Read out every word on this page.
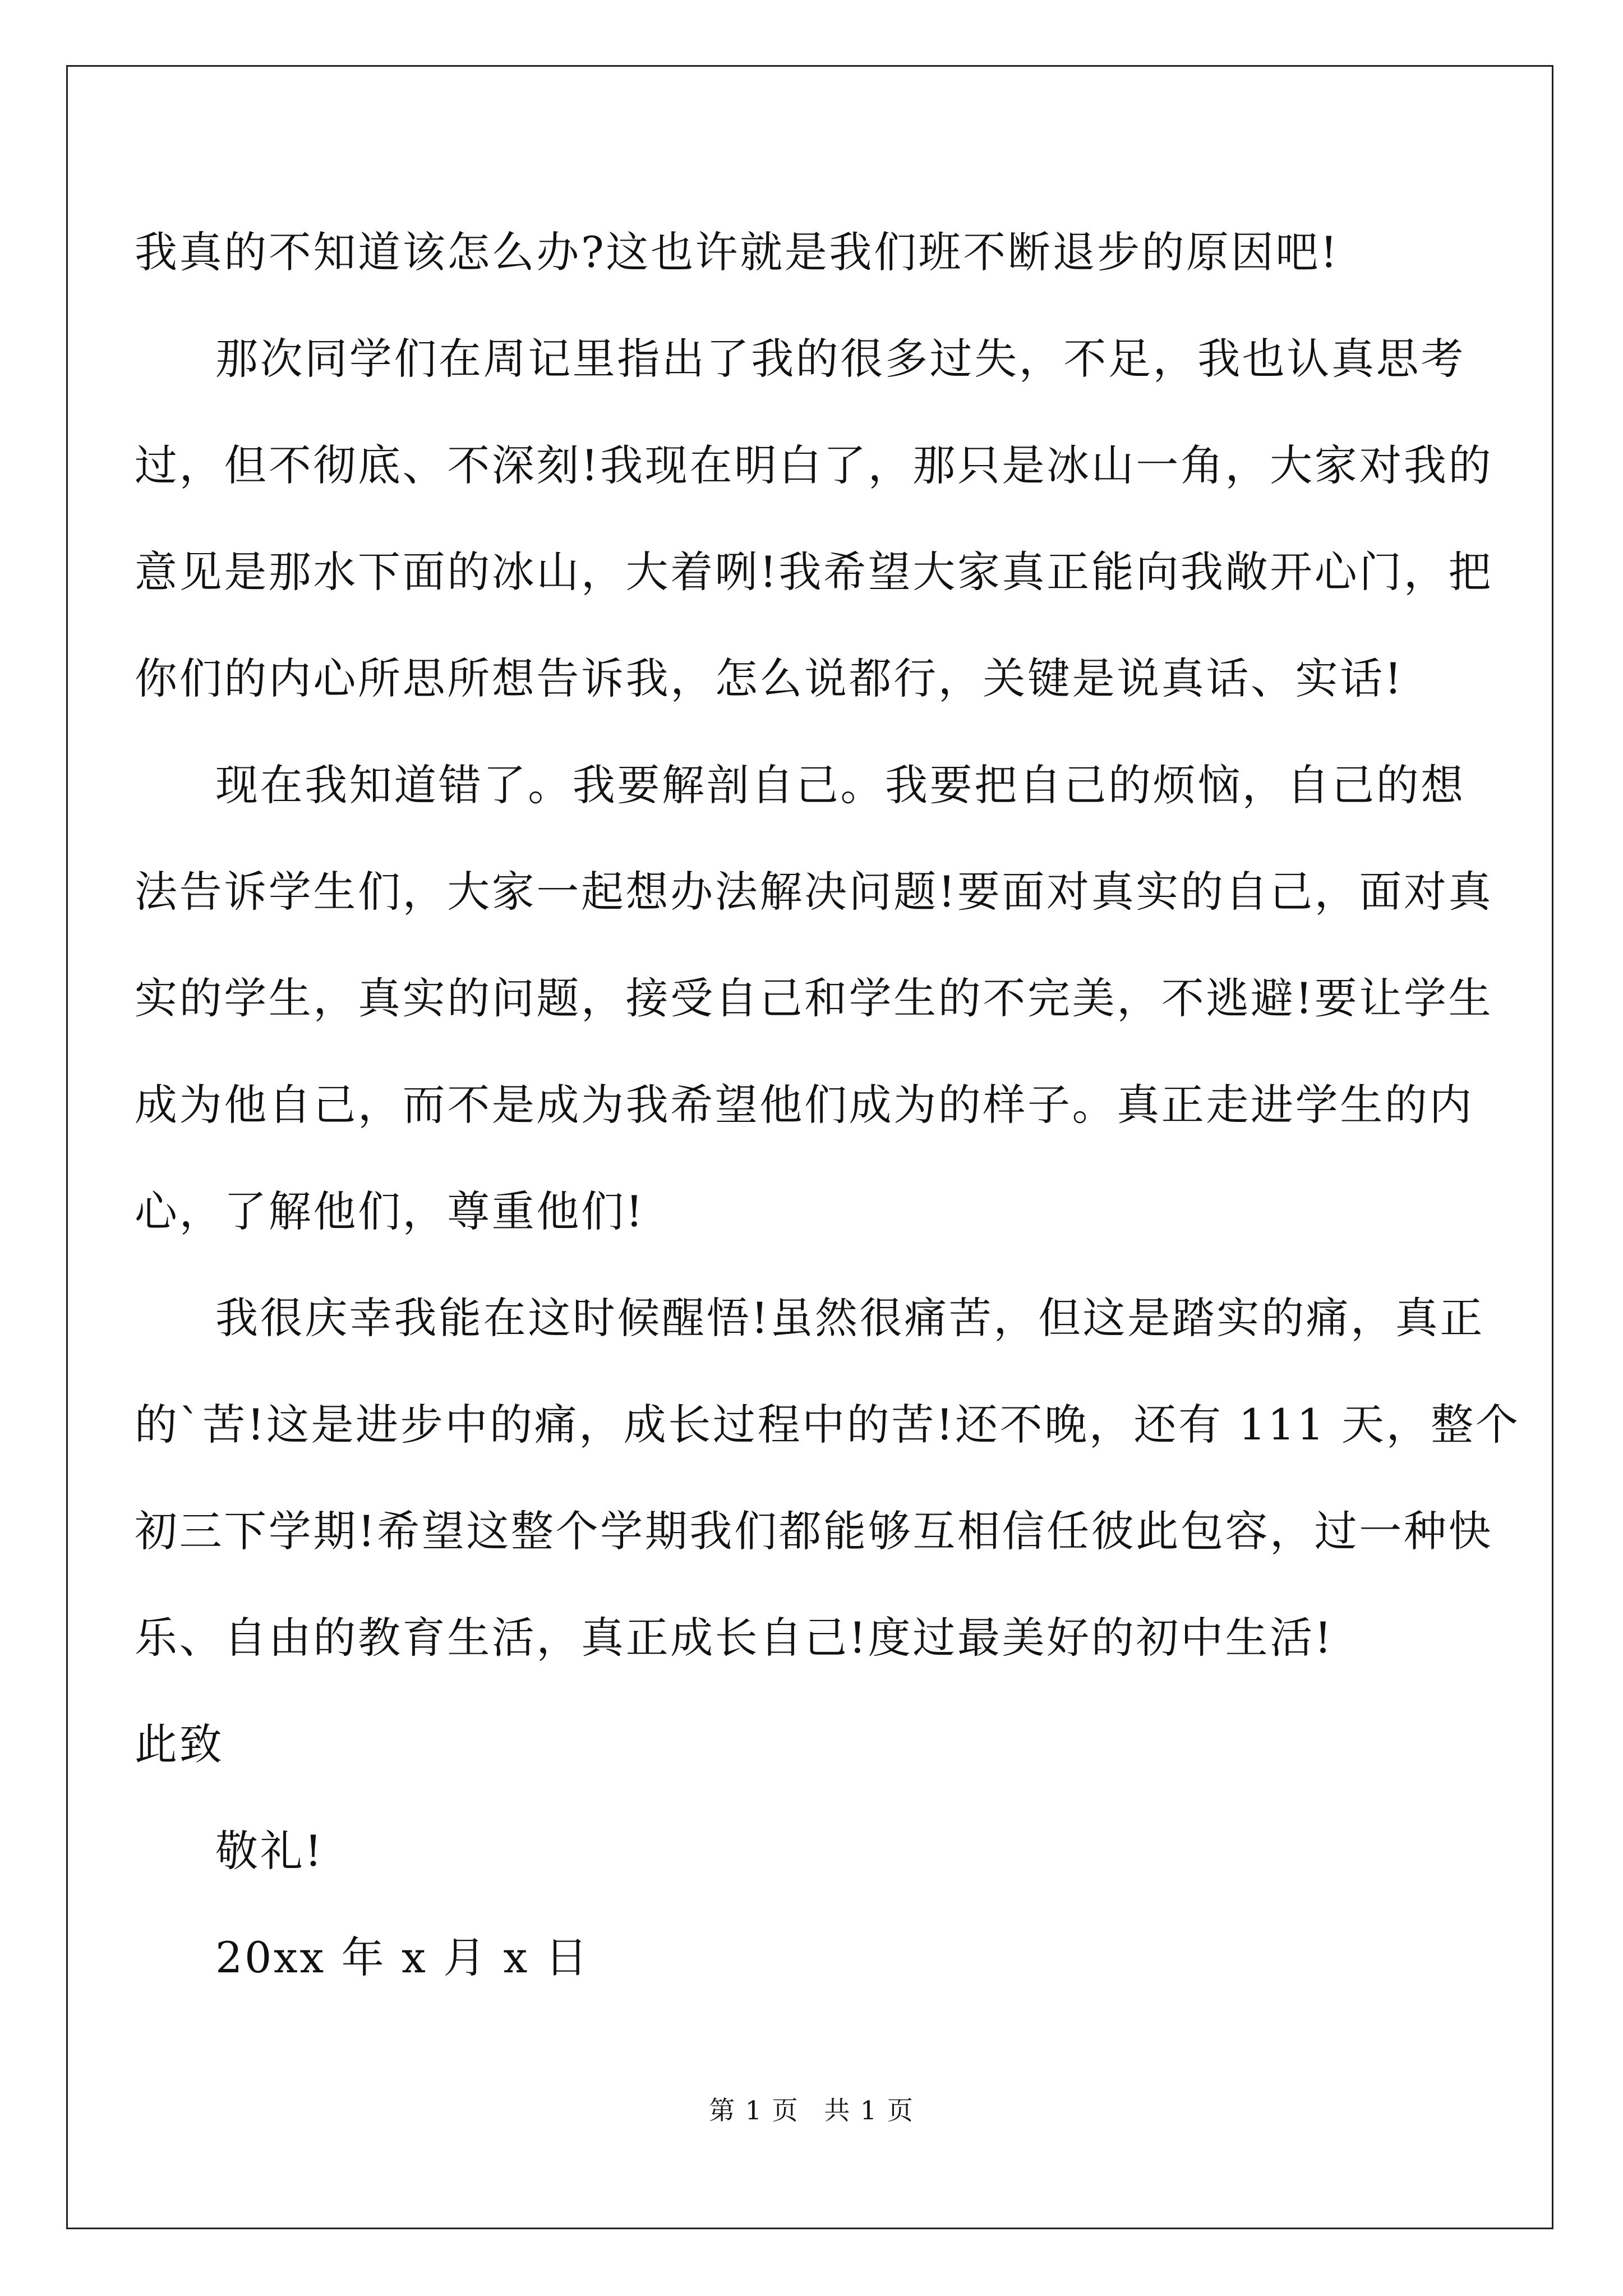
我真的不知道该怎么办?这也许就是我们班不断退步的原因吧!
那次同学们在周记里指出了我的很多过失，不足，我也认真思考
过，但不彻底、不深刻!我现在明白了，那只是冰山一角，大家对我的
意见是那水下面的冰山，大着咧!我希望大家真正能向我敞开心门，把
你们的内心所思所想告诉我，怎么说都行，关键是说真话、实话!
现在我知道错了。我要解剖自己。我要把自己的烦恼，自己的想
法告诉学生们，大家一起想办法解决问题!要面对真实的自己，面对真
实的学生，真实的问题，接受自己和学生的不完美，不逃避!要让学生
成为他自己，而不是成为我希望他们成为的样子。真正走进学生的内
心，了解他们，尊重他们!
我很庆幸我能在这时候醒悟!虽然很痛苦，但这是踏实的痛，真正
的`苦!这是进步中的痛，成长过程中的苦!还不晚，还有 111 天，整个
初三下学期!希望这整个学期我们都能够互相信任彼此包容，过一种快
乐、自由的教育生活，真正成长自己!度过最美好的初中生活!
此致
敬礼!
20xx 年 x 月 x 日
第 1 页 共 1 页
